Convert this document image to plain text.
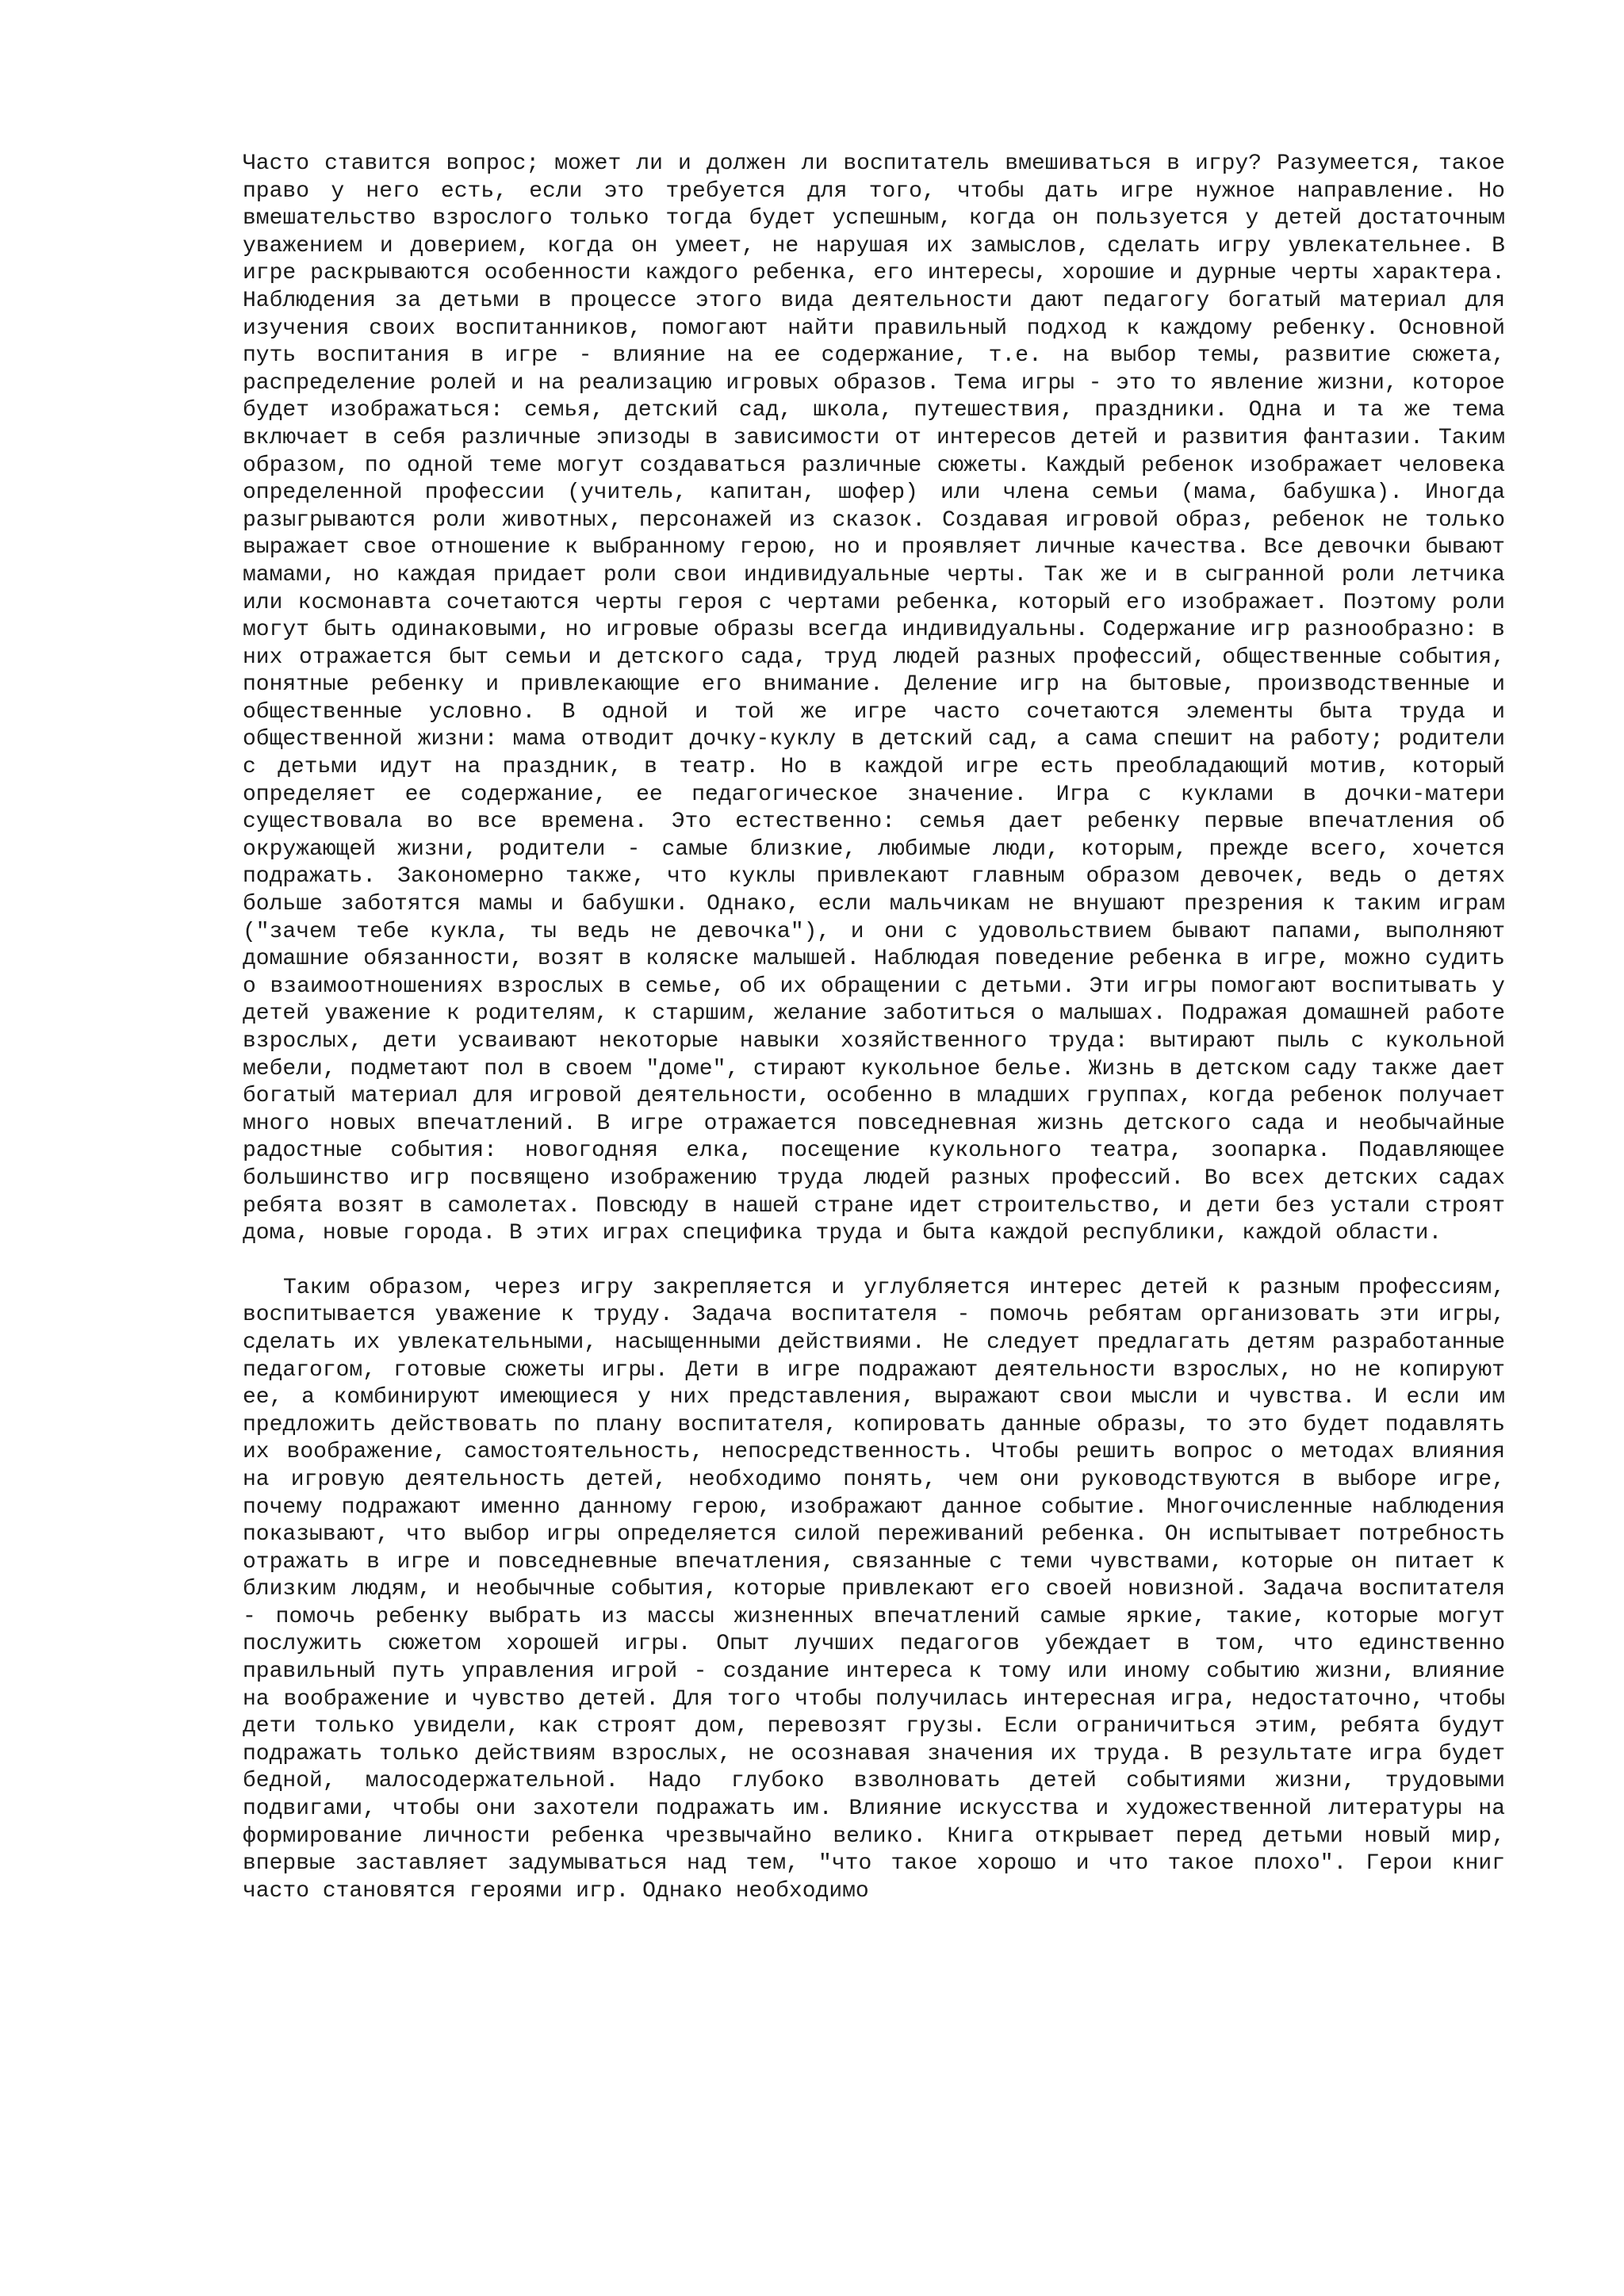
Часто ставится вопрос; может ли и должен ли воспитатель вмешиваться в игру? Разумеется, такое право у него есть, если это требуется для того, чтобы дать игре нужное направление. Но вмешательство взрослого только тогда будет успешным, когда он пользуется у детей достаточным уважением и доверием, когда он умеет, не нарушая их замыслов, сделать игру увлекательнее. В игре раскрываются особенности каждого ребенка, его интересы, хорошие и дурные черты характера. Наблюдения за детьми в процессе этого вида деятельности дают педагогу богатый материал для изучения своих воспитанников, помогают найти правильный подход к каждому ребенку. Основной путь воспитания в игре - влияние на ее содержание, т.е. на выбор темы, развитие сюжета, распределение ролей и на реализацию игровых образов. Тема игры - это то явление жизни, которое будет изображаться: семья, детский сад, школа, путешествия, праздники. Одна и та же тема включает в себя различные эпизоды в зависимости от интересов детей и развития фантазии. Таким образом, по одной теме могут создаваться различные сюжеты. Каждый ребенок изображает человека определенной профессии (учитель, капитан, шофер) или члена семьи (мама, бабушка). Иногда разыгрываются роли животных, персонажей из сказок. Создавая игровой образ, ребенок не только выражает свое отношение к выбранному герою, но и проявляет личные качества. Все девочки бывают мамами, но каждая придает роли свои индивидуальные черты. Так же и в сыгранной роли летчика или космонавта сочетаются черты героя с чертами ребенка, который его изображает. Поэтому роли могут быть одинаковыми, но игровые образы всегда индивидуальны. Содержание игр разнообразно: в них отражается быт семьи и детского сада, труд людей разных профессий, общественные события, понятные ребенку и привлекающие его внимание. Деление игр на бытовые, производственные и общественные условно. В одной и той же игре часто сочетаются элементы быта труда и общественной жизни: мама отводит дочку-куклу в детский сад, а сама спешит на работу; родители с детьми идут на праздник, в театр. Но в каждой игре есть преобладающий мотив, который определяет ее содержание, ее педагогическое значение. Игра с куклами в дочки-матери существовала во все времена. Это естественно: семья дает ребенку первые впечатления об окружающей жизни, родители - самые близкие, любимые люди, которым, прежде всего, хочется подражать. Закономерно также, что куклы привлекают главным образом девочек, ведь о детях больше заботятся мамы и бабушки. Однако, если мальчикам не внушают презрения к таким играм ("зачем тебе кукла, ты ведь не девочка"), и они с удовольствием бывают папами, выполняют домашние обязанности, возят в коляске малышей. Наблюдая поведение ребенка в игре, можно судить о взаимоотношениях взрослых в семье, об их обращении с детьми. Эти игры помогают воспитывать у детей уважение к родителям, к старшим, желание заботиться о малышах. Подражая домашней работе взрослых, дети усваивают некоторые навыки хозяйственного труда: вытирают пыль с кукольной мебели, подметают пол в своем "доме", стирают кукольное белье. Жизнь в детском саду также дает богатый материал для игровой деятельности, особенно в младших группах, когда ребенок получает много новых впечатлений. В игре отражается повседневная жизнь детского сада и необычайные радостные события: новогодняя елка, посещение кукольного театра, зоопарка. Подавляющее большинство игр посвящено изображению труда людей разных профессий. Во всех детских садах ребята возят в самолетах. Повсюду в нашей стране идет строительство, и дети без устали строят дома, новые города. В этих играх специфика труда и быта каждой республики, каждой области.

Таким образом, через игру закрепляется и углубляется интерес детей к разным профессиям, воспитывается уважение к труду. Задача воспитателя - помочь ребятам организовать эти игры, сделать их увлекательными, насыщенными действиями. Не следует предлагать детям разработанные педагогом, готовые сюжеты игры. Дети в игре подражают деятельности взрослых, но не копируют ее, а комбинируют имеющиеся у них представления, выражают свои мысли и чувства. И если им предложить действовать по плану воспитателя, копировать данные образы, то это будет подавлять их воображение, самостоятельность, непосредственность. Чтобы решить вопрос о методах влияния на игровую деятельность детей, необходимо понять, чем они руководствуются в выборе игре, почему подражают именно данному герою, изображают данное событие. Многочисленные наблюдения показывают, что выбор игры определяется силой переживаний ребенка. Он испытывает потребность отражать в игре и повседневные впечатления, связанные с теми чувствами, которые он питает к близким людям, и необычные события, которые привлекают его своей новизной. Задача воспитателя - помочь ребенку выбрать из массы жизненных впечатлений самые яркие, такие, которые могут послужить сюжетом хорошей игры. Опыт лучших педагогов убеждает в том, что единственно правильный путь управления игрой - создание интереса к тому или иному событию жизни, влияние на воображение и чувство детей. Для того чтобы получилась интересная игра, недостаточно, чтобы дети только увидели, как строят дом, перевозят грузы. Если ограничиться этим, ребята будут подражать только действиям взрослых, не осознавая значения их труда. В результате игра будет бедной, малосодержательной. Надо глубоко взволновать детей событиями жизни, трудовыми подвигами, чтобы они захотели подражать им. Влияние искусства и художественной литературы на формирование личности ребенка чрезвычайно велико. Книга открывает перед детьми новый мир, впервые заставляет задумываться над тем, "что такое хорошо и что такое плохо". Герои книг часто становятся героями игр. Однако необходимо
